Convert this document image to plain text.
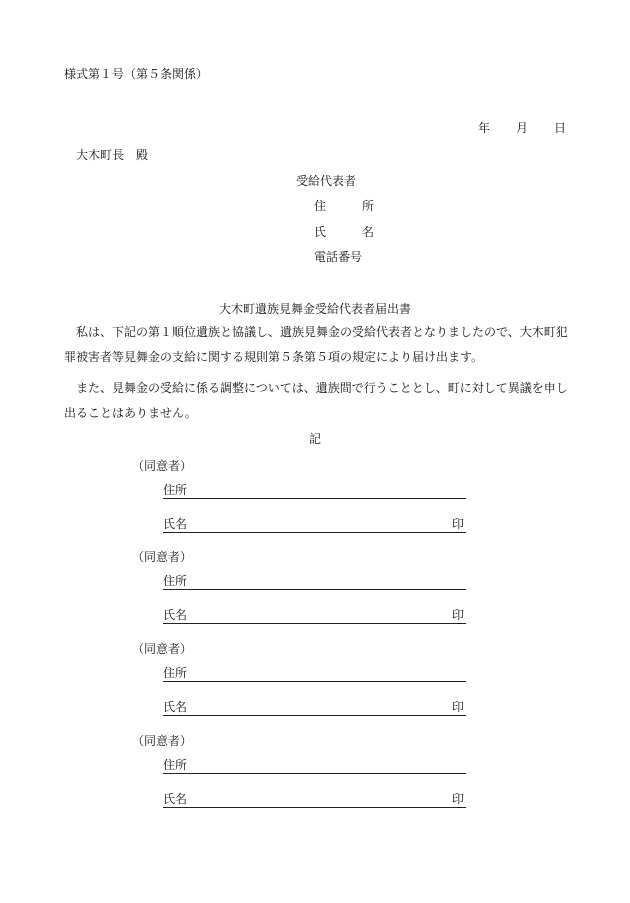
様式第１号（第５条関係）
年 月 日
大木町長　殿
受給代表者
住	所
氏	名
電話番号
大木町遺族見舞金受給代表者届出書
私は、下記の第１順位遺族と協議し、遺族見舞金の受給代表者となりましたので、大木町犯罪被害者等見舞金の支給に関する規則第５条第５項の規定により届け出ます。
また、見舞金の受給に係る調整については、遺族間で行うこととし、町に対して異議を申し出ることはありません。
記
（同意者）
住所
氏名	印
（同意者）
住所
氏名	印
（同意者）
住所
氏名	印
（同意者）
住所
氏名	印
